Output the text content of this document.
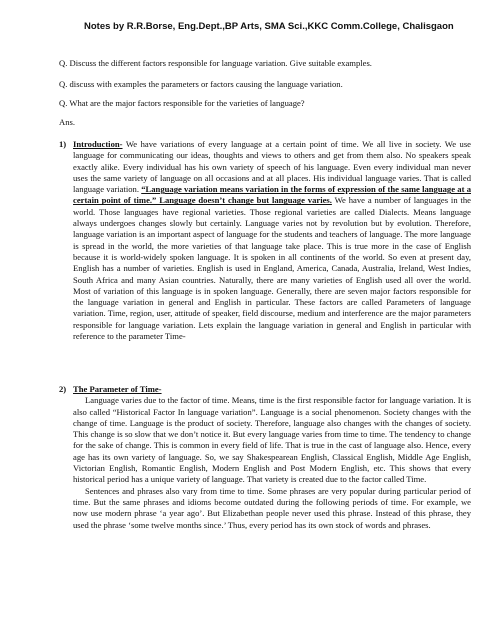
Notes by R.R.Borse, Eng.Dept.,BP Arts, SMA Sci.,KKC Comm.College, Chalisgaon
Q. Discuss the different factors responsible for language variation. Give suitable examples.
Q. discuss with examples the parameters or factors causing the language variation.
Q. What are the major factors responsible for the varieties of language?
Ans.
1) Introduction- We have variations of every language at a certain point of time. We all live in society. We use language for communicating our ideas, thoughts and views to others and get from them also. No speakers speak exactly alike. Every individual has his own variety of speech of his language. Even every individual man never uses the same variety of language on all occasions and at all places. His individual language varies. That is called language variation. “Language variation means variation in the forms of expression of the same language at a certain point of time.” Language doesn’t change but language varies. We have a number of languages in the world. Those languages have regional varieties. Those regional varieties are called Dialects. Means language always undergoes changes slowly but certainly. Language varies not by revolution but by evolution. Therefore, language variation is an important aspect of language for the students and teachers of language. The more language is spread in the world, the more varieties of that language take place. This is true more in the case of English because it is world-widely spoken language. It is spoken in all continents of the world. So even at present day, English has a number of varieties. English is used in England, America, Canada, Australia, Ireland, West Indies, South Africa and many Asian countries. Naturally, there are many varieties of English used all over the world. Most of variation of this language is in spoken language. Generally, there are seven major factors responsible for the language variation in general and English in particular. These factors are called Parameters of language variation. Time, region, user, attitude of speaker, field discourse, medium and interference are the major parameters responsible for language variation. Lets explain the language variation in general and English in particular with reference to the parameter Time-

2) The Parameter of Time-

Language varies due to the factor of time. Means, time is the first responsible factor for language variation. It is also called “Historical Factor In language variation”. Language is a social phenomenon. Society changes with the change of time. Language is the product of society. Therefore, language also changes with the changes of society. This change is so slow that we don’t notice it. But every language varies from time to time. The tendency to change for the sake of change. This is common in every field of life. That is true in the cast of language also. Hence, every age has its own variety of language. So, we say Shakespearean English, Classical English, Middle Age English, Victorian English, Romantic English, Modern English and Post Modern English, etc. This shows that every historical period has a unique variety of language. That variety is created due to the factor called Time.

Sentences and phrases also vary from time to time. Some phrases are very popular during particular period of time. But the same phrases and idioms become outdated during the following periods of time. For example, we now use modern phrase ‘a year ago’. But Elizabethan people never used this phrase. Instead of this phrase, they used the phrase ‘some twelve months since.’ Thus, every period has its own stock of words and phrases.
